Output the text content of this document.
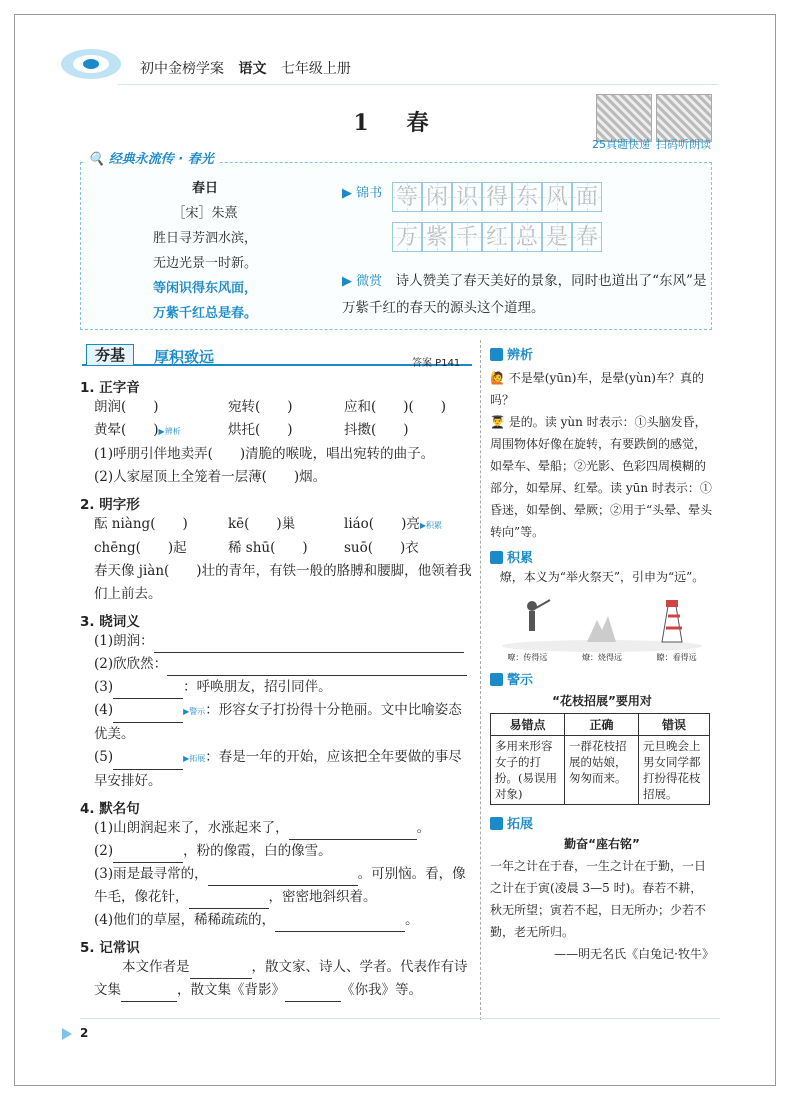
初中金榜学案 语文 七年级上册
1　春
25真题快递 扫码听朗读
🔍 经典永流传 · 春光
春日
［宋］朱熹
胜日寻芳泗水滨，
无边光景一时新。
等闲识得东风面，
万紫千红总是春。
▶ 锦书 等 闲 识 得 东 风 面
万 紫 千 红 总 是 春
▶ 微赏　 诗人赞美了春天美好的景象，同时也道出了“东风”是万紫千红的春天的源头这个道理。
夯基	厚积致远	答案 P141
1. 正字音
朗润(　　)	宛转(　　)	应和(　　)(　　)
黄晕(　　)▶辨析	烘托(　　)	抖擞(　　)
(1)呼朋引伴地卖弄(　　)清脆的喉咙，唱出宛转的曲子。
(2)人家屋顶上全笼着一层薄(　　)烟。
2. 明字形
酝 niàng(　　)	kē(　　)巢	liáo(　　)亮▶积累
chēng(　　)起	稀 shū(　　)	suō(　　)衣
春天像 jiàn(　　)壮的青年，有铁一般的胳膊和腰脚，他领着我们上前去。
3. 晓词义
(1)朗润：
(2)欣欣然：
(3)	：呼唤朋友，招引同伴。
(4)	▶警示：形容女子打扮得十分艳丽。文中比喻姿态优美。
(5)	▶拓展：春是一年的开始，应该把全年要做的事尽早安排好。
4. 默名句
(1)山朗润起来了，水涨起来了，	。
(2)	，粉的像霞，白的像雪。
(3)雨是最寻常的，	。可别恼。看，像牛毛，像花针，	，密密地斜织着。
(4)他们的草屋，稀稀疏疏的，	。
5. 记常识
本文作者是	，散文家、诗人、学者。代表作有诗文集	，散文集《背影》	《你我》等。
辨析
🙋 不是晕(yūn)车，是晕(yùn)车？真的吗？
👨‍🎓 是的。读 yùn 时表示：①头脑发昏，周围物体好像在旋转，有要跌倒的感觉，如晕车、晕船；②光影、色彩四周模糊的部分，如晕屏、红晕。读 yūn 时表示：①昏迷，如晕倒、晕厥；②用于“头晕、晕头转向”等。
积累
燎，本义为“举火祭天”，引申为“远”。
嘹：传得远	燎：烧得远	瞭：看得远
警示
“花枝招展”要用对
易错点	正确	错误
多用来形容女子的打扮。(易误用对象)	一群花枝招展的姑娘，匆匆而来。	元旦晚会上男女同学都打扮得花枝招展。
拓展
勤奋“座右铭”
一年之计在于春，一生之计在于勤，一日之计在于寅(凌晨 3—5 时)。春若不耕，秋无所望；寅若不起，日无所办；少若不勤，老无所归。
——明无名氏《白兔记·牧牛》
2
